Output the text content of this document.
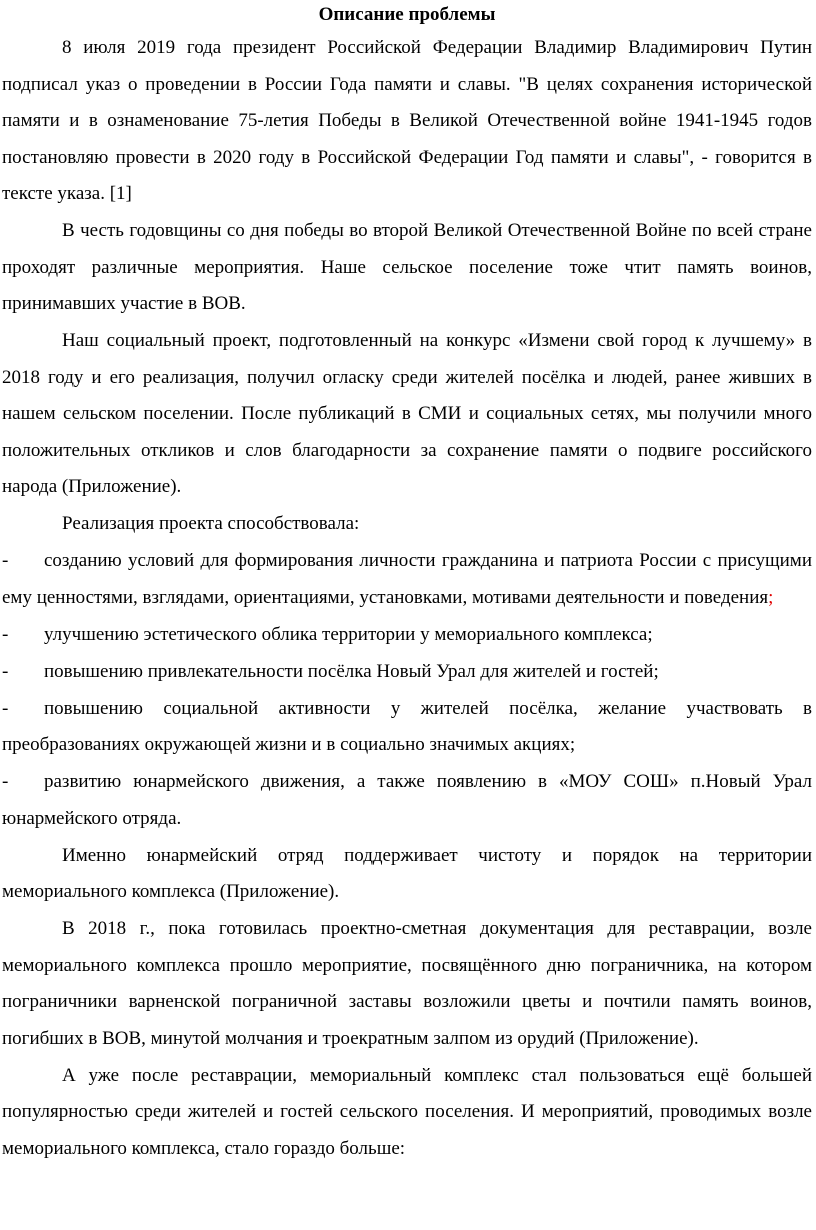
Описание проблемы

8 июля 2019 года президент Российской Федерации Владимир Владимирович Путин подписал указ о проведении в России Года памяти и славы. "В целях сохранения исторической памяти и в ознаменование 75-летия Победы в Великой Отечественной войне 1941-1945 годов постановляю провести в 2020 году в Российской Федерации Год памяти и славы", - говорится в тексте указа. [1]

В честь годовщины со дня победы во второй Великой Отечественной Войне по всей стране проходят различные мероприятия. Наше сельское поселение тоже чтит память воинов, принимавших участие в ВОВ.

Наш социальный проект, подготовленный на конкурс «Измени свой город к лучшему» в 2018 году и его реализация, получил огласку среди жителей посёлка и людей, ранее живших в нашем сельском поселении. После публикаций в СМИ и социальных сетях, мы получили много положительных откликов и слов благодарности за сохранение памяти о подвиге российского народа (Приложение).

Реализация проекта способствовала:

- созданию условий для формирования личности гражданина и патриота России с присущими ему ценностями, взглядами, ориентациями, установками, мотивами деятельности и поведения;

- улучшению эстетического облика территории у мемориального комплекса;

- повышению привлекательности посёлка Новый Урал для жителей и гостей;

- повышению социальной активности у жителей посёлка, желание участвовать в преобразованиях окружающей жизни и в социально значимых акциях;

- развитию юнармейского движения, а также появлению в «МОУ СОШ» п.Новый Урал юнармейского отряда.

Именно юнармейский отряд поддерживает чистоту и порядок на территории мемориального комплекса (Приложение).

В 2018 г., пока готовилась проектно-сметная документация для реставрации, возле мемориального комплекса прошло мероприятие, посвящённого дню пограничника, на котором пограничники варненской пограничной заставы возложили цветы и почтили память воинов, погибших в ВОВ, минутой молчания и троекратным залпом из орудий (Приложение).

А уже после реставрации, мемориальный комплекс стал пользоваться ещё большей популярностью среди жителей и гостей сельского поселения. И мероприятий, проводимых возле мемориального комплекса, стало гораздо больше:
